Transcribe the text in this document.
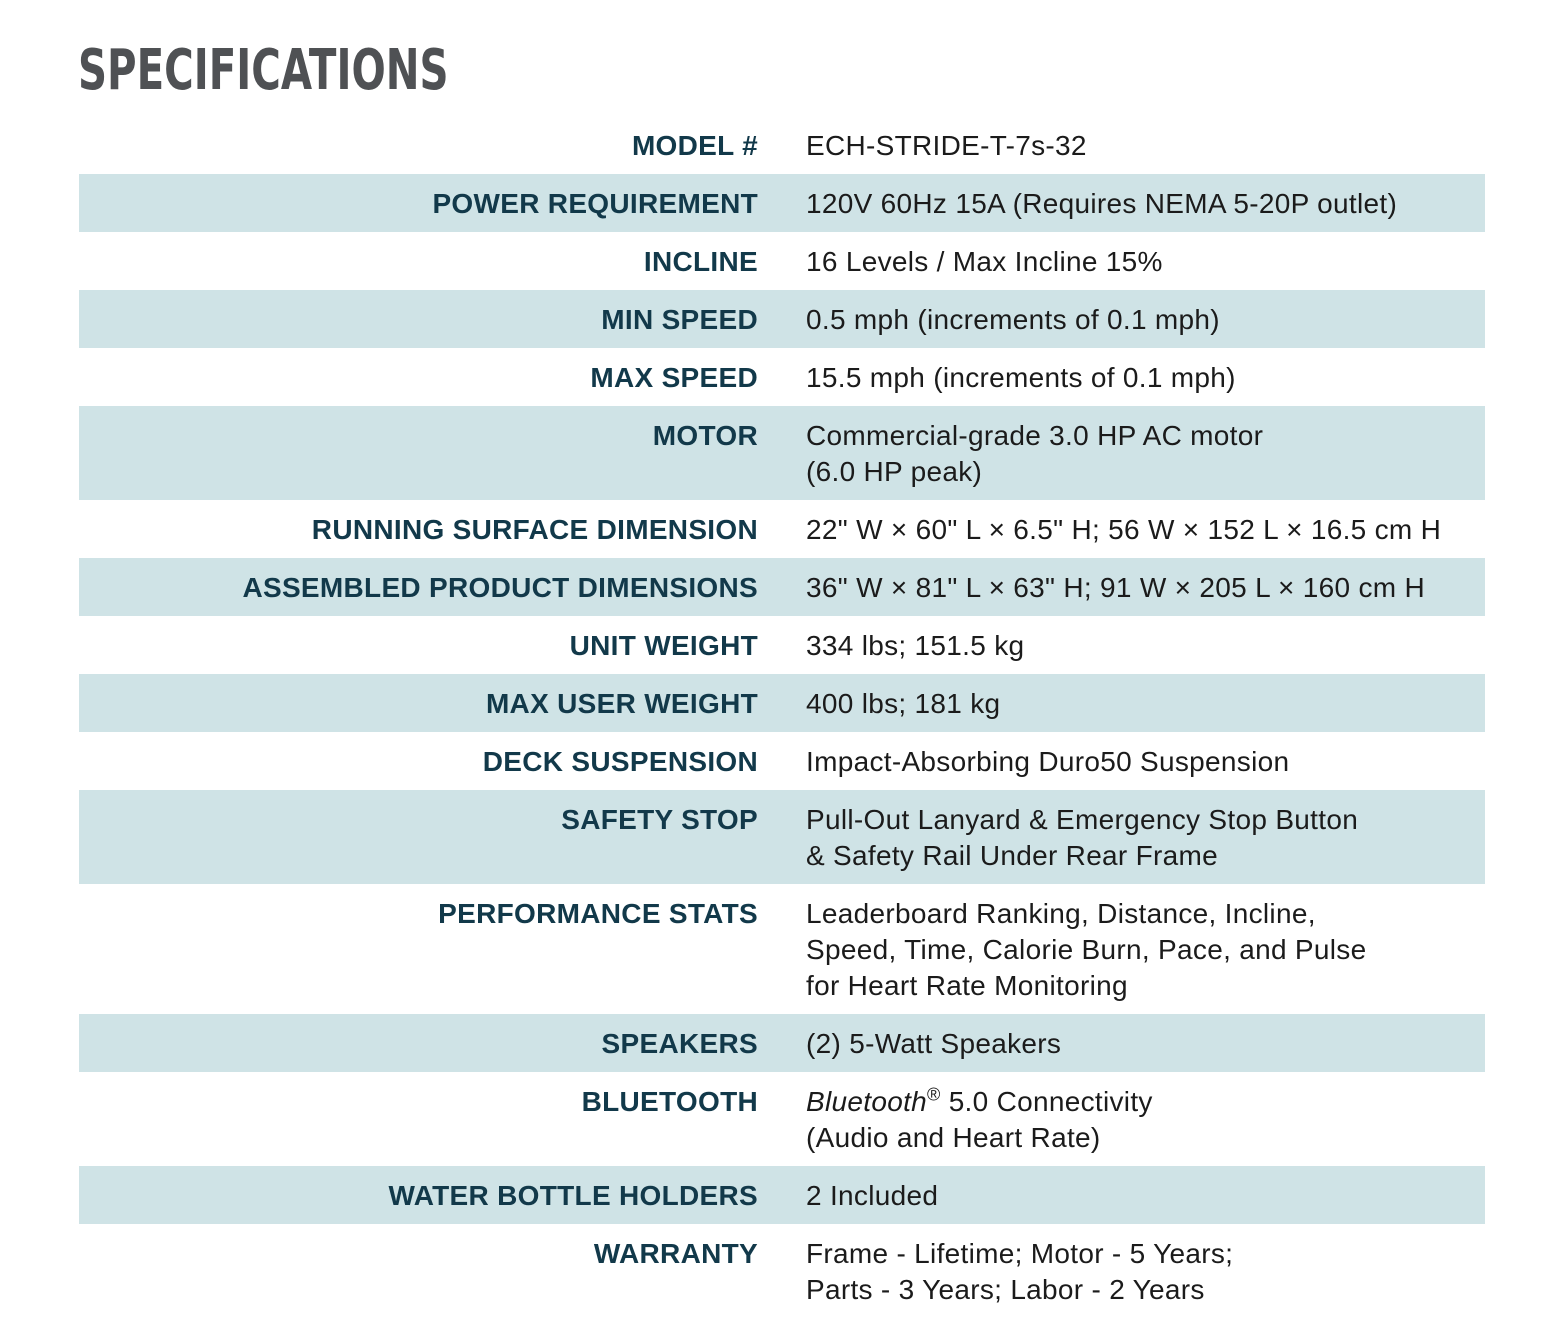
SPECIFICATIONS
MODEL # ECH-STRIDE-T-7s-32
POWER REQUIREMENT 120V 60Hz 15A (Requires NEMA 5-20P outlet)
INCLINE 16 Levels / Max Incline 15%
MIN SPEED 0.5 mph (increments of 0.1 mph)
MAX SPEED 15.5 mph (increments of 0.1 mph)
MOTOR Commercial-grade 3.0 HP AC motor
(6.0 HP peak)
RUNNING SURFACE DIMENSION 22" W × 60" L × 6.5" H; 56 W × 152 L × 16.5 cm H
ASSEMBLED PRODUCT DIMENSIONS 36" W × 81" L × 63" H; 91 W × 205 L × 160 cm H
UNIT WEIGHT 334 lbs; 151.5 kg
MAX USER WEIGHT 400 lbs; 181 kg
DECK SUSPENSION Impact-Absorbing Duro50 Suspension
SAFETY STOP Pull-Out Lanyard & Emergency Stop Button
& Safety Rail Under Rear Frame
PERFORMANCE STATS Leaderboard Ranking, Distance, Incline,
Speed, Time, Calorie Burn, Pace, and Pulse
for Heart Rate Monitoring
SPEAKERS (2) 5-Watt Speakers
BLUETOOTH Bluetooth® 5.0 Connectivity
(Audio and Heart Rate)
WATER BOTTLE HOLDERS 2 Included
WARRANTY Frame - Lifetime; Motor - 5 Years;
Parts - 3 Years; Labor - 2 Years
